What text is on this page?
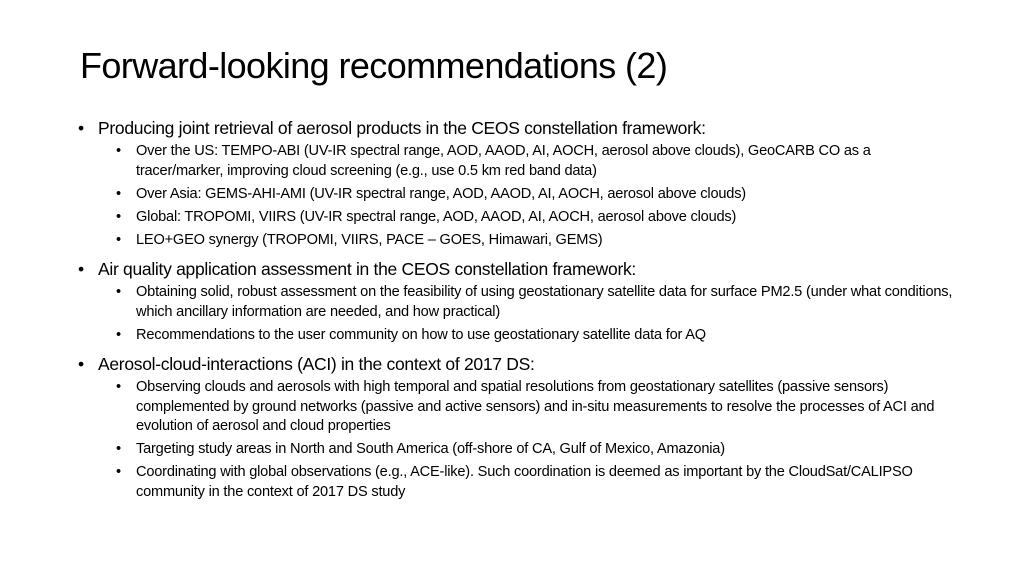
Forward-looking recommendations (2)
• Producing joint retrieval of aerosol products in the CEOS constellation framework:
• Over the US: TEMPO-ABI (UV-IR spectral range, AOD, AAOD, AI, AOCH, aerosol above clouds), GeoCARB CO as a tracer/marker, improving cloud screening (e.g., use 0.5 km red band data)
• Over Asia: GEMS-AHI-AMI (UV-IR spectral range, AOD, AAOD, AI, AOCH, aerosol above clouds)
• Global: TROPOMI, VIIRS (UV-IR spectral range, AOD, AAOD, AI, AOCH, aerosol above clouds)
• LEO+GEO synergy (TROPOMI, VIIRS, PACE – GOES, Himawari, GEMS)
• Air quality application assessment in the CEOS constellation framework:
• Obtaining solid, robust assessment on the feasibility of using geostationary satellite data for surface PM2.5 (under what conditions, which ancillary information are needed, and how practical)
• Recommendations to the user community on how to use geostationary satellite data for AQ
• Aerosol-cloud-interactions (ACI) in the context of 2017 DS:
• Observing clouds and aerosols with high temporal and spatial resolutions from geostationary satellites (passive sensors) complemented by ground networks (passive and active sensors) and in-situ measurements to resolve the processes of ACI and evolution of aerosol and cloud properties
• Targeting study areas in North and South America (off-shore of CA, Gulf of Mexico, Amazonia)
• Coordinating with global observations (e.g., ACE-like). Such coordination is deemed as important by the CloudSat/CALIPSO community in the context of 2017 DS study
